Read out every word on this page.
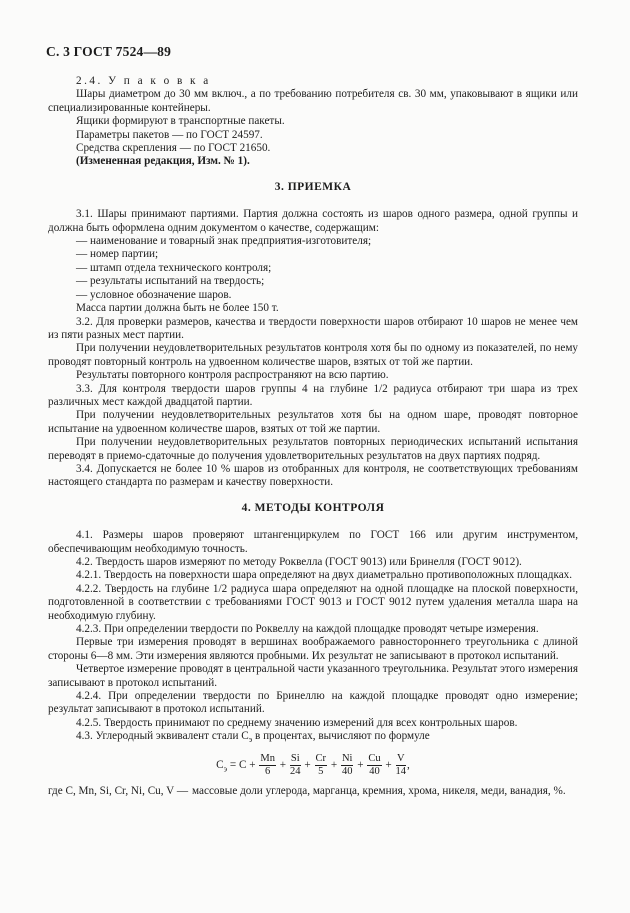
С. 3 ГОСТ 7524—89

2.4. У п а к о в к а

Шары диаметром до 30 мм включ., а по требованию потребителя св. 30 мм, упаковывают в ящики или специализированные контейнеры.

Ящики формируют в транспортные пакеты.

Параметры пакетов — по ГОСТ 24597.

Средства скрепления — по ГОСТ 21650.

(Измененная редакция, Изм. № 1).

3. ПРИЕМКА

3.1. Шары принимают партиями. Партия должна состоять из шаров одного размера, одной группы и должна быть оформлена одним документом о качестве, содержащим:

— наименование и товарный знак предприятия-изготовителя;

— номер партии;

— штамп отдела технического контроля;

— результаты испытаний на твердость;

— условное обозначение шаров.

Масса партии должна быть не более 150 т.

3.2. Для проверки размеров, качества и твердости поверхности шаров отбирают 10 шаров не менее чем из пяти разных мест партии.

При получении неудовлетворительных результатов контроля хотя бы по одному из показателей, по нему проводят повторный контроль на удвоенном количестве шаров, взятых от той же партии.

Результаты повторного контроля распространяют на всю партию.

3.3. Для контроля твердости шаров группы 4 на глубине 1/2 радиуса отбирают три шара из трех различных мест каждой двадцатой партии.

При получении неудовлетворительных результатов хотя бы на одном шаре, проводят повторное испытание на удвоенном количестве шаров, взятых от той же партии.

При получении неудовлетворительных результатов повторных периодических испытаний испытания переводят в приемо-сдаточные до получения удовлетворительных результатов на двух партиях подряд.

3.4. Допускается не более 10 % шаров из отобранных для контроля, не соответствующих требованиям настоящего стандарта по размерам и качеству поверхности.

4. МЕТОДЫ КОНТРОЛЯ

4.1. Размеры шаров проверяют штангенциркулем по ГОСТ 166 или другим инструментом, обеспечивающим необходимую точность.

4.2. Твердость шаров измеряют по методу Роквелла (ГОСТ 9013) или Бринелля (ГОСТ 9012).

4.2.1. Твердость на поверхности шара определяют на двух диаметрально противоположных площадках.

4.2.2. Твердость на глубине 1/2 радиуса шара определяют на одной площадке на плоской поверхности, подготовленной в соответствии с требованиями ГОСТ 9013 и ГОСТ 9012 путем удаления металла шара на необходимую глубину.

4.2.3. При определении твердости по Роквеллу на каждой площадке проводят четыре измерения.

Первые три измерения проводят в вершинах воображаемого равностороннего треугольника с длиной стороны 6—8 мм. Эти измерения являются пробными. Их результат не записывают в протокол испытаний.

Четвертое измерение проводят в центральной части указанного треугольника. Результат этого измерения записывают в протокол испытаний.

4.2.4. При определении твердости по Бринеллю на каждой площадке проводят одно измерение; результат записывают в протокол испытаний.

4.2.5. Твердость принимают по среднему значению измерений для всех контрольных шаров.

4.3. Углеродный эквивалент стали $С_э$ в процентах, вычисляют по формуле

$С_э = С + \frac{Mn}{6} + \frac{Si}{24} + \frac{Cr}{5} + \frac{Ni}{40} + \frac{Cu}{40} + \frac{V}{14}$ ,
где С, Mn, Si, Cr, Ni, Cu, V — массовые доли углерода, марганца, кремния, хрома, никеля, меди, ванадия, %.
